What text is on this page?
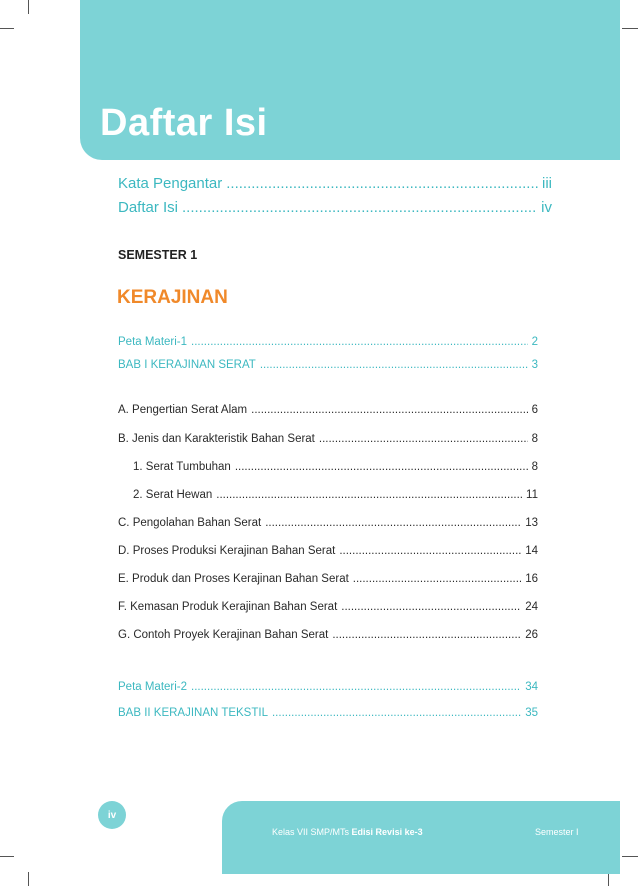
Daftar Isi
Kata Pengantar .....	iii
Daftar Isi .....	iv
SEMESTER 1
KERAJINAN
Peta Materi-1 .....	2
BAB I KERAJINAN SERAT .....	3
A. Pengertian Serat Alam .....	6
B. Jenis dan Karakteristik Bahan Serat .....	8
1. Serat Tumbuhan .....	8
2. Serat Hewan .....	11
C. Pengolahan Bahan Serat .....	13
D. Proses Produksi Kerajinan Bahan Serat .....	14
E. Produk dan Proses Kerajinan Bahan Serat .....	16
F. Kemasan Produk Kerajinan Bahan Serat .....	24
G. Contoh Proyek Kerajinan Bahan Serat .....	26
Peta Materi-2 .....	34
BAB II KERAJINAN TEKSTIL .....	35
iv
Kelas VII SMP/MTs Edisi Revisi ke-3	Semester I
